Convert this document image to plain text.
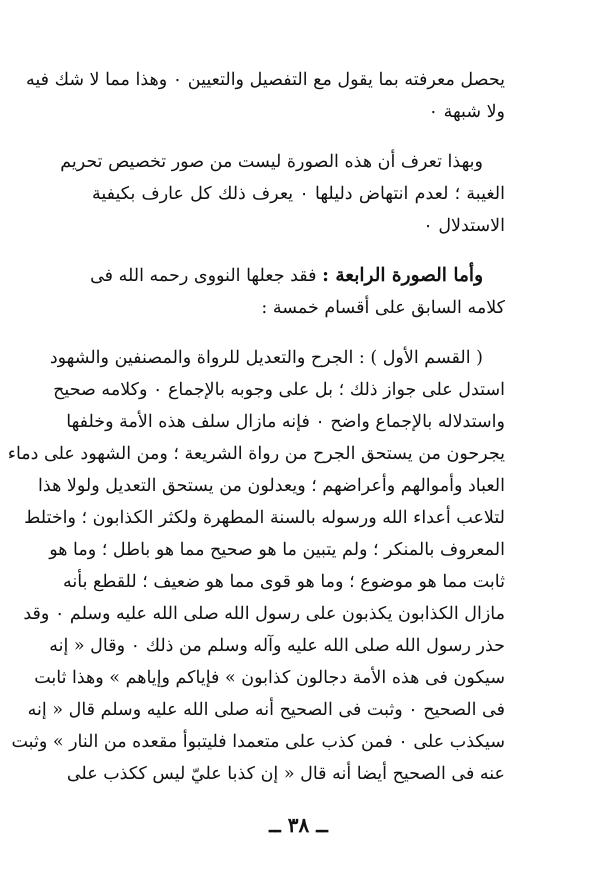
يحصل معرفته بما يقول مع التفصيل والتعيين ٠ وهذا مما لا شك فيه
ولا شبهة ٠
وبهذا تعرف أن هذه الصورة ليست من صور تخصيص تحريم
الغيبة ؛ لعدم انتهاض دليلها ٠ يعرف ذلك كل عارف بكيفية
الاستدلال ٠
وأما الصورة الرابعة : فقد جعلها النووى رحمه الله فى
كلامه السابق على أقسام خمسة :
( القسم الأول ) : الجرح والتعديل للرواة والمصنفين والشهود
استدل على جواز ذلك ؛ بل على وجوبه بالإجماع ٠ وكلامه صحيح
واستدلاله بالإجماع واضح ٠ فإنه مازال سلف هذه الأمة وخلفها
يجرحون من يستحق الجرح من رواة الشريعة ؛ ومن الشهود على دماء
العباد وأموالهم وأعراضهم ؛ ويعدلون من يستحق التعديل ولولا هذا
لتلاعب أعداء الله ورسوله بالسنة المطهرة ولكثر الكذابون ؛ واختلط
المعروف بالمنكر ؛ ولم يتبين ما هو صحيح مما هو باطل ؛ وما هو
ثابت مما هو موضوع ؛ وما هو قوى مما هو ضعيف ؛ للقطع بأنه
مازال الكذابون يكذبون على رسول الله صلى الله عليه وسلم ٠ وقد
حذر رسول الله صلى الله عليه وآله وسلم من ذلك ٠ وقال « إنه
سيكون فى هذه الأمة دجالون كذابون » فإياكم وإياهم » وهذا ثابت
فى الصحيح ٠ وثبت فى الصحيح أنه صلى الله عليه وسلم قال « إنه
سيكذب على ٠ فمن كذب على متعمدا فليتبوأ مقعده من النار » وثبت
عنه فى الصحيح أيضا أنه قال « إن كذبا عليّ ليس ككذب على
ــ ٣٨ ــ
